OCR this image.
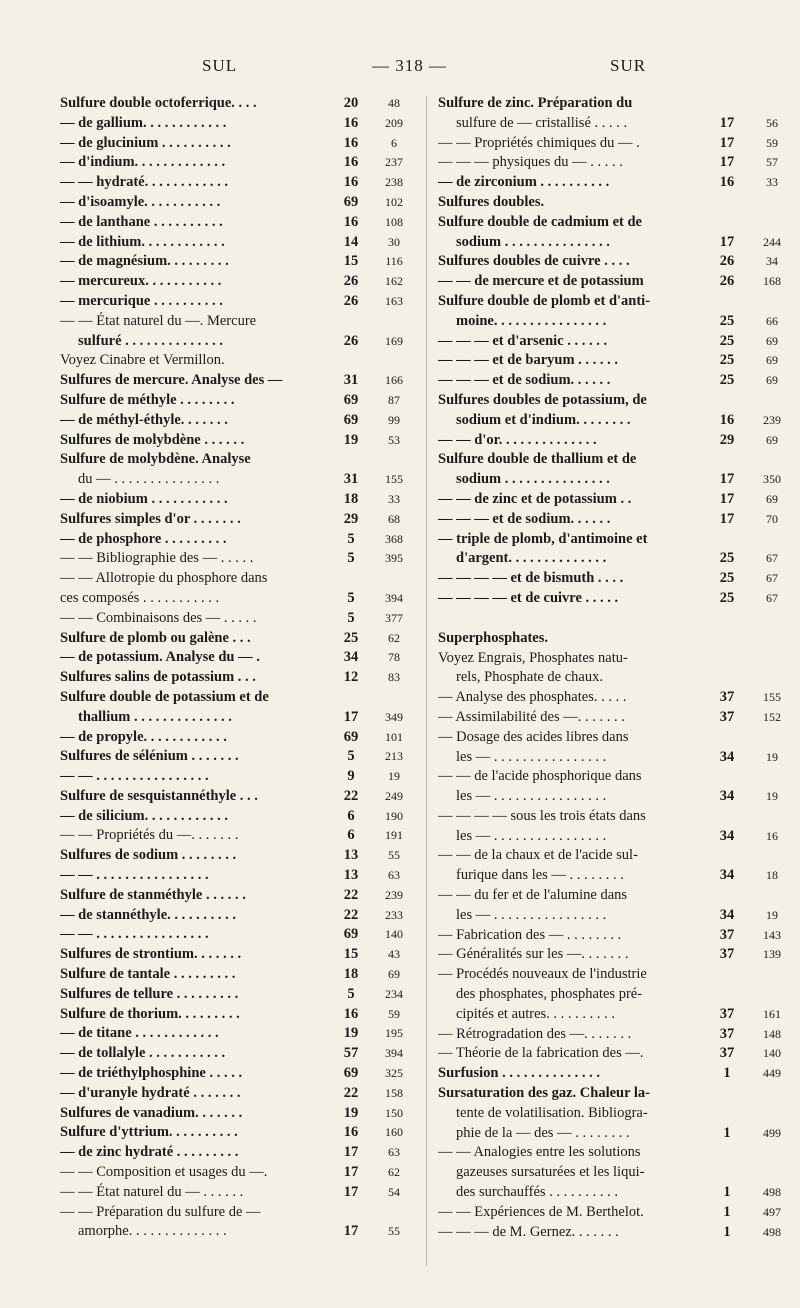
SUL	— 318 —	SUR
Sulfure double octoferrique. . . .	20	48
— de gallium. . . . . . . . . . . .	16	209
— de glucinium . . . . . . . . . .	16	6
— d'indium. . . . . . . . . . . . .	16	237
— — hydraté. . . . . . . . . . . .	16	238
— d'isoamyle. . . . . . . . . . .	69	102
— de lanthane . . . . . . . . . .	16	108
— de lithium. . . . . . . . . . . .	14	30
— de magnésium. . . . . . . . .	15	116
— mercureux. . . . . . . . . . .	26	162
— mercurique . . . . . . . . . .	26	163
— — État naturel du —. Mercure
sulfuré . . . . . . . . . . . . . .	26	169
Voyez Cinabre et Vermillon.
Sulfures de mercure. Analyse des —	31	166
Sulfure de méthyle . . . . . . . .	69	87
— de méthyl-éthyle. . . . . . .	69	99
Sulfures de molybdène . . . . . .	19	53
Sulfure de molybdène. Analyse
du — . . . . . . . . . . . . . . .	31	155
— de niobium . . . . . . . . . . .	18	33
Sulfures simples d'or . . . . . . .	29	68
— de phosphore . . . . . . . . .	5	368
— — Bibliographie des — . . . . .	5	395
— — Allotropie du phosphore dans
ces composés . . . . . . . . . . .	5	394
— — Combinaisons des — . . . . .	5	377
Sulfure de plomb ou galène . . .	25	62
— de potassium. Analyse du — .	34	78
Sulfures salins de potassium . . .	12	83
Sulfure double de potassium et de
thallium . . . . . . . . . . . . . .	17	349
— de propyle. . . . . . . . . . . .	69	101
Sulfures de sélénium . . . . . . .	5	213
— — . . . . . . . . . . . . . . . .	9	19
Sulfure de sesquistannéthyle . . .	22	249
— de silicium. . . . . . . . . . . .	6	190
— — Propriétés du —. . . . . . .	6	191
Sulfures de sodium . . . . . . . .	13	55
— — . . . . . . . . . . . . . . . .	13	63
Sulfure de stanméthyle . . . . . .	22	239
— de stannéthyle. . . . . . . . . .	22	233
— — . . . . . . . . . . . . . . . .	69	140
Sulfures de strontium. . . . . . .	15	43
Sulfure de tantale . . . . . . . . .	18	69
Sulfures de tellure . . . . . . . . .	5	234
Sulfure de thorium. . . . . . . . .	16	59
— de titane . . . . . . . . . . . .	19	195
— de tollalyle . . . . . . . . . . .	57	394
— de triéthylphosphine . . . . .	69	325
— d'uranyle hydraté . . . . . . .	22	158
Sulfures de vanadium. . . . . . .	19	150
Sulfure d'yttrium. . . . . . . . . .	16	160
— de zinc hydraté . . . . . . . . .	17	63
— — Composition et usages du —.	17	62
— — État naturel du — . . . . . .	17	54
— — Préparation du sulfure de —
amorphe. . . . . . . . . . . . . .	17	55
Sulfure de zinc. Préparation du
sulfure de — cristallisé . . . . .	17	56
— — Propriétés chimiques du — .	17	59
— — — physiques du — . . . . .	17	57
— de zirconium . . . . . . . . . .	16	33
Sulfures doubles.
Sulfure double de cadmium et de
sodium . . . . . . . . . . . . . . .	17	244
Sulfures doubles de cuivre . . . .	26	34
— — de mercure et de potassium	26	168
Sulfure double de plomb et d'anti-
moine. . . . . . . . . . . . . . . .	25	66
— — — et d'arsenic . . . . . .	25	69
— — — et de baryum . . . . . .	25	69
— — — et de sodium. . . . . .	25	69
Sulfures doubles de potassium, de
sodium et d'indium. . . . . . . .	16	239
— — d'or. . . . . . . . . . . . . .	29	69
Sulfure double de thallium et de
sodium . . . . . . . . . . . . . . .	17	350
— — de zinc et de potassium . .	17	69
— — — et de sodium. . . . . .	17	70
— triple de plomb, d'antimoine et
d'argent. . . . . . . . . . . . . .	25	67
— — — — et de bismuth . . . .	25	67
— — — — et de cuivre . . . . .	25	67
Superphosphates.
Voyez Engrais, Phosphates natu-
rels, Phosphate de chaux.
— Analyse des phosphates. . . . .	37	155
— Assimilabilité des —. . . . . . .	37	152
— Dosage des acides libres dans
les — . . . . . . . . . . . . . . . .	34	19
— — de l'acide phosphorique dans
les — . . . . . . . . . . . . . . . .	34	19
— — — — sous les trois états dans
les — . . . . . . . . . . . . . . . .	34	16
— — de la chaux et de l'acide sul-
furique dans les — . . . . . . . .	34	18
— — du fer et de l'alumine dans
les — . . . . . . . . . . . . . . . .	34	19
— Fabrication des — . . . . . . . .	37	143
— Généralités sur les —. . . . . . .	37	139
— Procédés nouveaux de l'industrie
des phosphates, phosphates pré-
cipités et autres. . . . . . . . . .	37	161
— Rétrogradation des —. . . . . . .	37	148
— Théorie de la fabrication des —.	37	140
Surfusion . . . . . . . . . . . . . .	1	449
Sursaturation des gaz. Chaleur la-
tente de volatilisation. Bibliogra-
phie de la — des — . . . . . . . .	1	499
— — Analogies entre les solutions
gazeuses sursaturées et les liqui-
des surchauffés . . . . . . . . . .	1	498
— — Expériences de M. Berthelot.	1	497
— — — de M. Gernez. . . . . . .	1	498
